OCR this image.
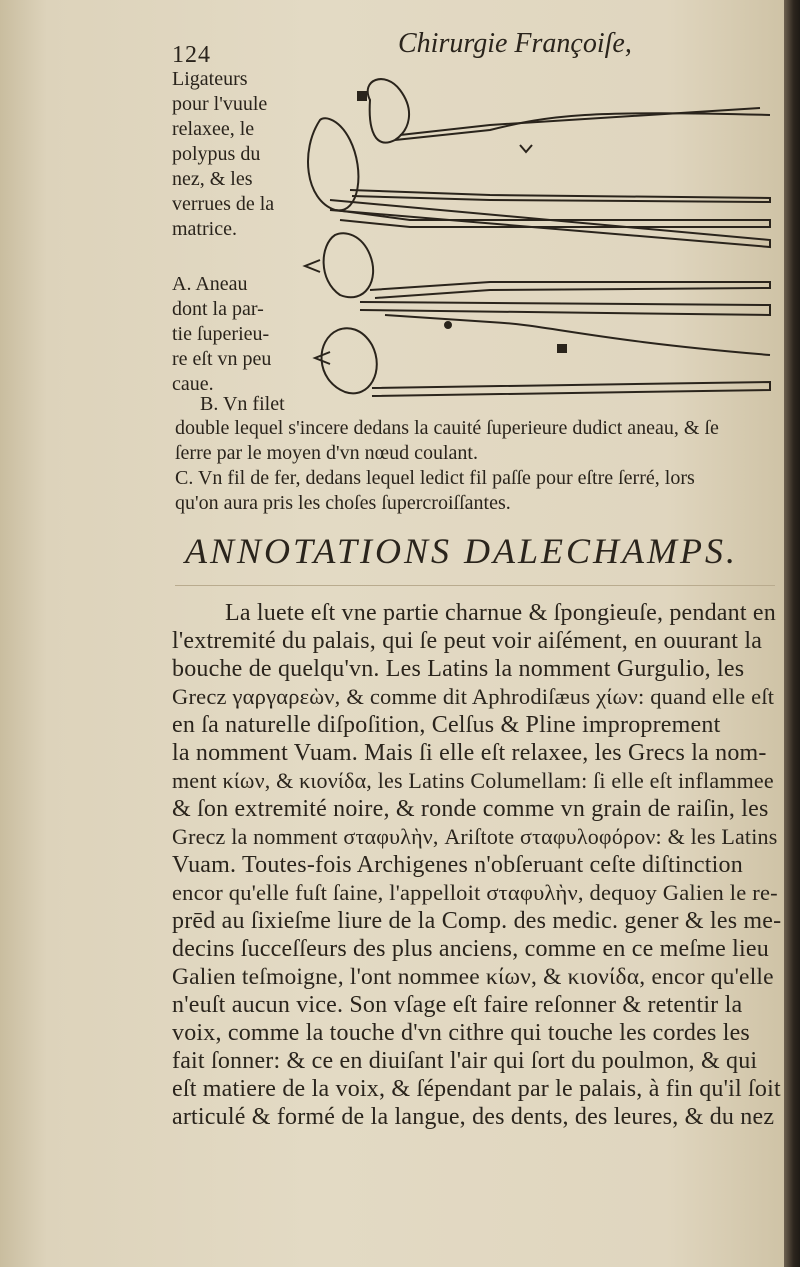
124	Chirurgie Françoiſe,
Ligateurs
pour l'vuule
relaxee, le
polypus du
nez, & les
verrues de la
matrice.
A. Aneau
dont la par-
tie ſuperieu-
re eſt vn peu
caue.
B. Vn filet
double lequel s'incere dedans la cauité ſuperieure dudict aneau, & ſe
ſerre par le moyen d'vn nœud coulant.
C. Vn fil de fer, dedans lequel ledict fil paſſe pour eſtre ſerré, lors
qu'on aura pris les choſes ſupercroiſſantes.
ANNOTATIONS DALECHAMPS.
La luete eſt vne partie charnue & ſpongieuſe, pendant en
l'extremité du palais, qui ſe peut voir aiſément, en ouurant la
bouche de quelqu'vn. Les Latins la nomment Gurgulio, les
Grecz γαργαρεὼν, & comme dit Aphrodiſæus χίων: quand elle eſt
en ſa naturelle diſpoſition, Celſus & Pline improprement
la nomment Vuam. Mais ſi elle eſt relaxee, les Grecs la nom-
ment κίων, & κιονίδα, les Latins Columellam: ſi elle eſt inflammee
& ſon extremité noire, & ronde comme vn grain de raiſin, les
Grecz la nomment σταφυλὴν, Ariſtote σταφυλοφόρον: & les Latins
Vuam. Toutes-fois Archigenes n'obſeruant ceſte diſtinction
encor qu'elle fuſt ſaine, l'appelloit σταφυλὴν, dequoy Galien le re-
prēd au ſixieſme liure de la Comp. des medic. gener & les me-
decins ſucceſſeurs des plus anciens, comme en ce meſme lieu
Galien teſmoigne, l'ont nommee κίων, & κιονίδα, encor qu'elle
n'euſt aucun vice. Son vſage eſt faire reſonner & retentir la
voix, comme la touche d'vn cithre qui touche les cordes les
fait ſonner: & ce en diuiſant l'air qui ſort du poulmon, & qui
eſt matiere de la voix, & ſépendant par le palais, à fin qu'il ſoit
articulé & formé de la langue, des dents, des leures, & du nez
